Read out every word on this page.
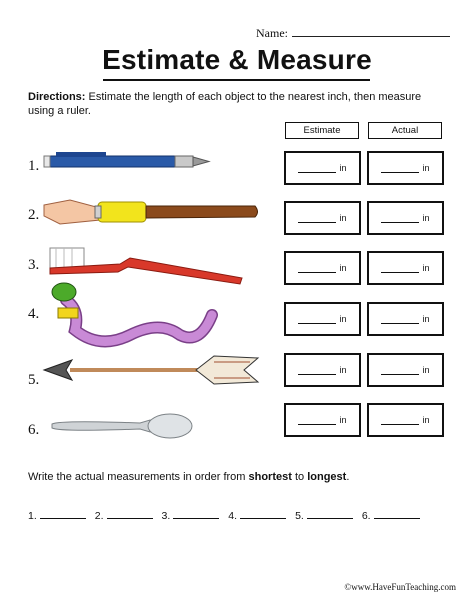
Name:
Estimate & Measure
Directions: Estimate the length of each object to the nearest inch, then measure using a ruler.
Estimate	Actual
1.
2.
3.
4.
5.
6.
in	in
in	in
in	in
in	in
in	in
in	in
Write the actual measurements in order from shortest to longest.
1.	2.	3.	4.	5.	6.
©www.HaveFunTeaching.com
